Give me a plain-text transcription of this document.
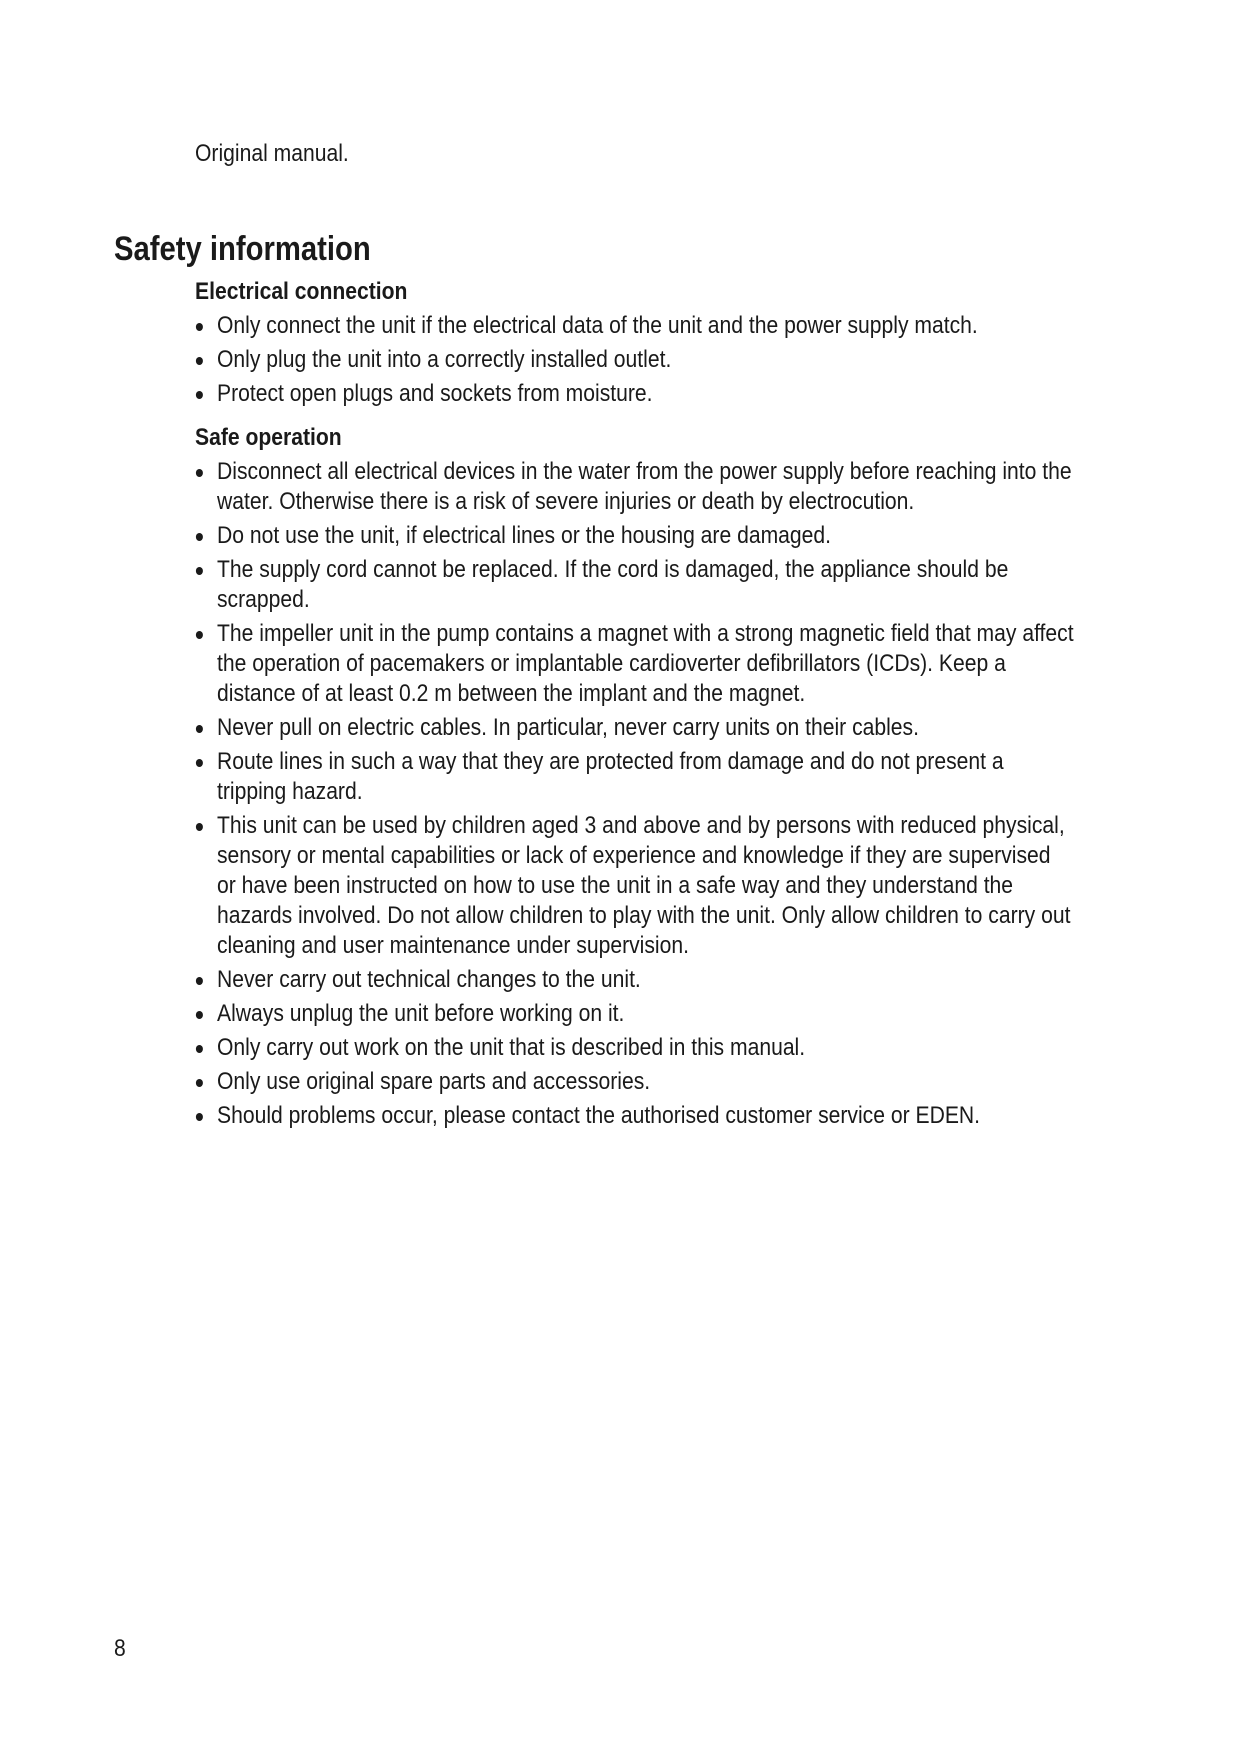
Original manual.
Safety information
Electrical connection
Only connect the unit if the electrical data of the unit and the power supply match.
Only plug the unit into a correctly installed outlet.
Protect open plugs and sockets from moisture.
Safe operation
Disconnect all electrical devices in the water from the power supply before reaching into the water. Otherwise there is a risk of severe injuries or death by electrocution.
Do not use the unit, if electrical lines or the housing are damaged.
The supply cord cannot be replaced. If the cord is damaged, the appliance should be scrapped.
The impeller unit in the pump contains a magnet with a strong magnetic field that may affect the operation of pacemakers or implantable cardioverter defibrillators (ICDs). Keep a distance of at least 0.2 m between the implant and the magnet.
Never pull on electric cables. In particular, never carry units on their cables.
Route lines in such a way that they are protected from damage and do not present a tripping hazard.
This unit can be used by children aged 3 and above and by persons with reduced physical, sensory or mental capabilities or lack of experience and knowledge if they are supervised or have been instructed on how to use the unit in a safe way and they understand the hazards involved. Do not allow children to play with the unit. Only allow children to carry out cleaning and user maintenance under supervision.
Never carry out technical changes to the unit.
Always unplug the unit before working on it.
Only carry out work on the unit that is described in this manual.
Only use original spare parts and accessories.
Should problems occur, please contact the authorised customer service or EDEN.
8
